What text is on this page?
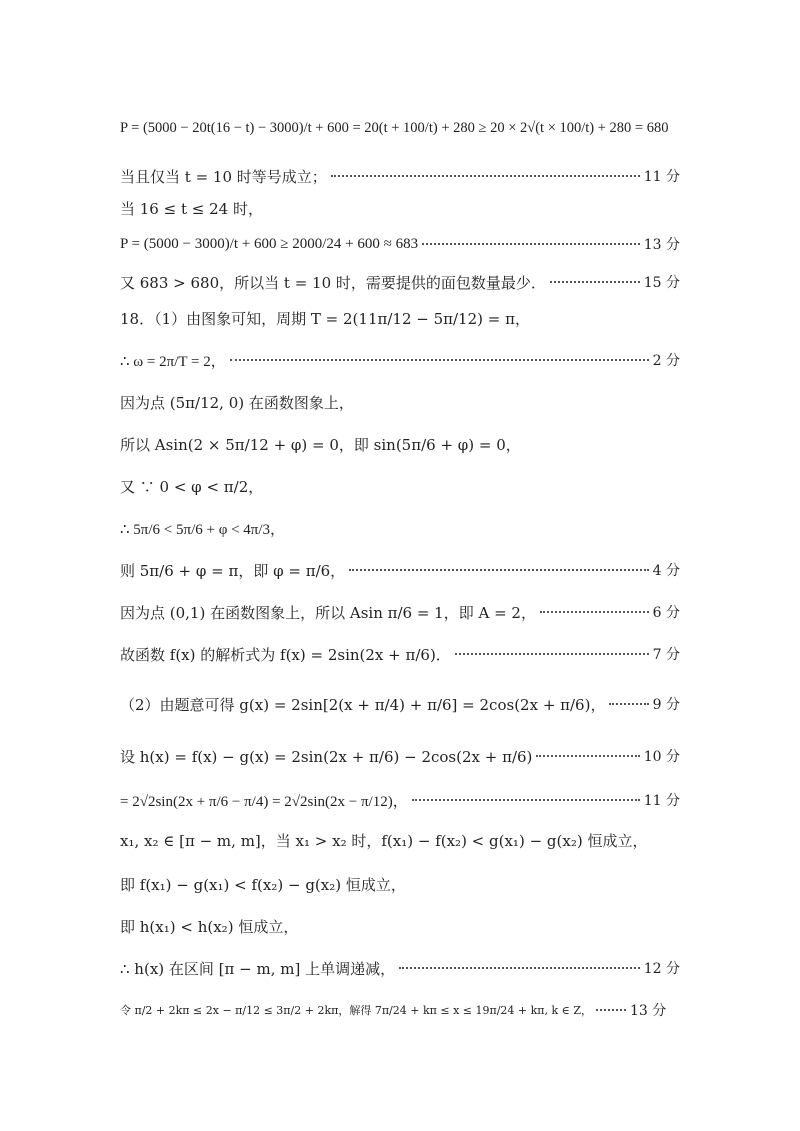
P = (5000 − 20t(16 − t) − 3000)/t + 600 = 20(t + 100/t) + 280 ≥ 20 × 2√(t × 100/t) + 280 = 680
当且仅当 t = 10 时等号成立；	11 分
当 16 ≤ t ≤ 24 时，
P = (5000 − 3000)/t + 600 ≥ 2000/24 + 600 ≈ 683	13 分
又 683 > 680，所以当 t = 10 时，需要提供的面包数量最少．	15 分
18．（1）由图象可知，周期 T = 2(11π/12 − 5π/12) = π，
∴ ω = 2π/T = 2，	2 分
因为点 (5π/12, 0) 在函数图象上，
所以 Asin(2 × 5π/12 + φ) = 0，即 sin(5π/6 + φ) = 0，
又 ∵ 0 < φ < π/2，
∴ 5π/6 < 5π/6 + φ < 4π/3，
则 5π/6 + φ = π，即 φ = π/6，	4 分
因为点 (0,1) 在函数图象上，所以 Asin π/6 = 1，即 A = 2，	6 分
故函数 f(x) 的解析式为 f(x) = 2sin(2x + π/6)．	7 分
（2）由题意可得 g(x) = 2sin[2(x + π/4) + π/6] = 2cos(2x + π/6)，	9 分
设 h(x) = f(x) − g(x) = 2sin(2x + π/6) − 2cos(2x + π/6)	10 分
= 2√2sin(2x + π/6 − π/4) = 2√2sin(2x − π/12)，	11 分
x₁, x₂ ∈ [π − m, m]，当 x₁ > x₂ 时，f(x₁) − f(x₂) < g(x₁) − g(x₂) 恒成立，
即 f(x₁) − g(x₁) < f(x₂) − g(x₂) 恒成立，
即 h(x₁) < h(x₂) 恒成立，
∴ h(x) 在区间 [π − m, m] 上单调递减，	12 分
令 π/2 + 2kπ ≤ 2x − π/12 ≤ 3π/2 + 2kπ，解得 7π/24 + kπ ≤ x ≤ 19π/24 + kπ, k ∈ Z，	13 分
